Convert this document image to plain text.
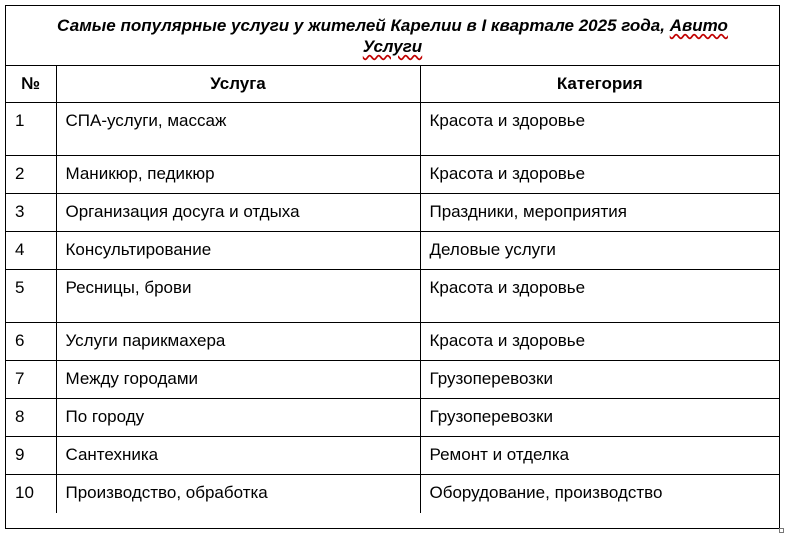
Самые популярные услуги у жителей Карелии в I квартале 2025 года, Авито Услуги
№	Услуга	Категория
1	СПА-услуги, массаж	Красота и здоровье
2	Маникюр, педикюр	Красота и здоровье
3	Организация досуга и отдыха	Праздники, мероприятия
4	Консультирование	Деловые услуги
5	Ресницы, брови	Красота и здоровье
6	Услуги парикмахера	Красота и здоровье
7	Между городами	Грузоперевозки
8	По городу	Грузоперевозки
9	Сантехника	Ремонт и отделка
10	Производство, обработка	Оборудование, производство
